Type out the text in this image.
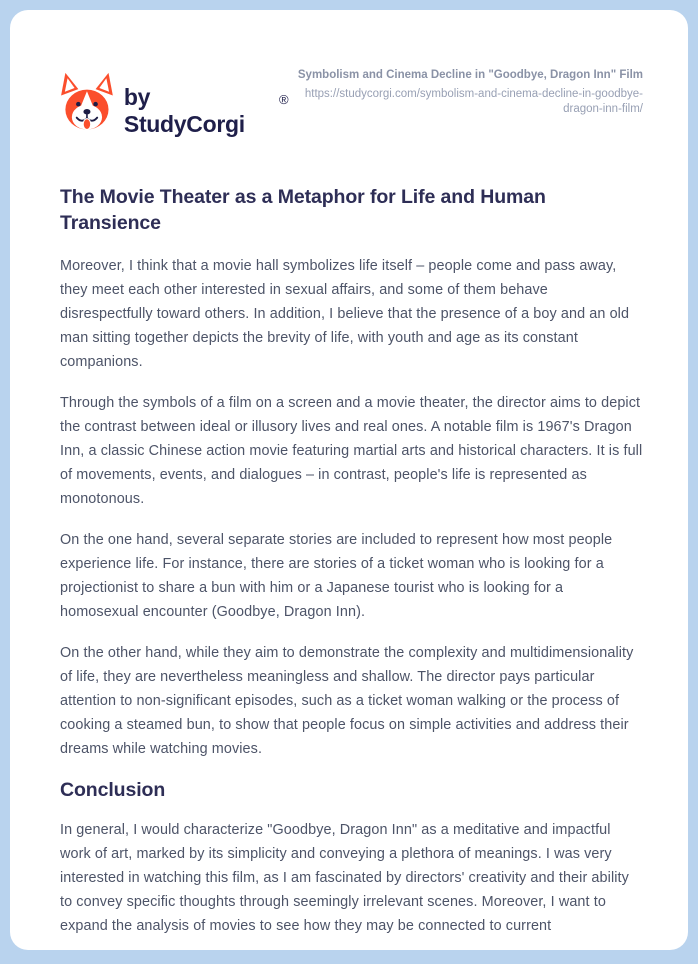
by StudyCorgi
®
Symbolism and Cinema Decline in "Goodbye, Dragon Inn" Film
https://studycorgi.com/symbolism-and-cinema-decline-in-goodbye-dragon-inn-film/
The Movie Theater as a Metaphor for Life and Human Transience

Moreover, I think that a movie hall symbolizes life itself – people come and pass away, they meet each other interested in sexual affairs, and some of them behave disrespectfully toward others. In addition, I believe that the presence of a boy and an old man sitting together depicts the brevity of life, with youth and age as its constant companions.

Through the symbols of a film on a screen and a movie theater, the director aims to depict the contrast between ideal or illusory lives and real ones. A notable film is 1967's Dragon Inn, a classic Chinese action movie featuring martial arts and historical characters. It is full of movements, events, and dialogues – in contrast, people's life is represented as monotonous.

On the one hand, several separate stories are included to represent how most people experience life. For instance, there are stories of a ticket woman who is looking for a projectionist to share a bun with him or a Japanese tourist who is looking for a homosexual encounter (Goodbye, Dragon Inn).

On the other hand, while they aim to demonstrate the complexity and multidimensionality of life, they are nevertheless meaningless and shallow. The director pays particular attention to non-significant episodes, such as a ticket woman walking or the process of cooking a steamed bun, to show that people focus on simple activities and address their dreams while watching movies.

Conclusion

In general, I would characterize "Goodbye, Dragon Inn" as a meditative and impactful work of art, marked by its simplicity and conveying a plethora of meanings. I was very interested in watching this film, as I am fascinated by directors' creativity and their ability to convey specific thoughts through seemingly irrelevant scenes. Moreover, I want to expand the analysis of movies to see how they may be connected to current
